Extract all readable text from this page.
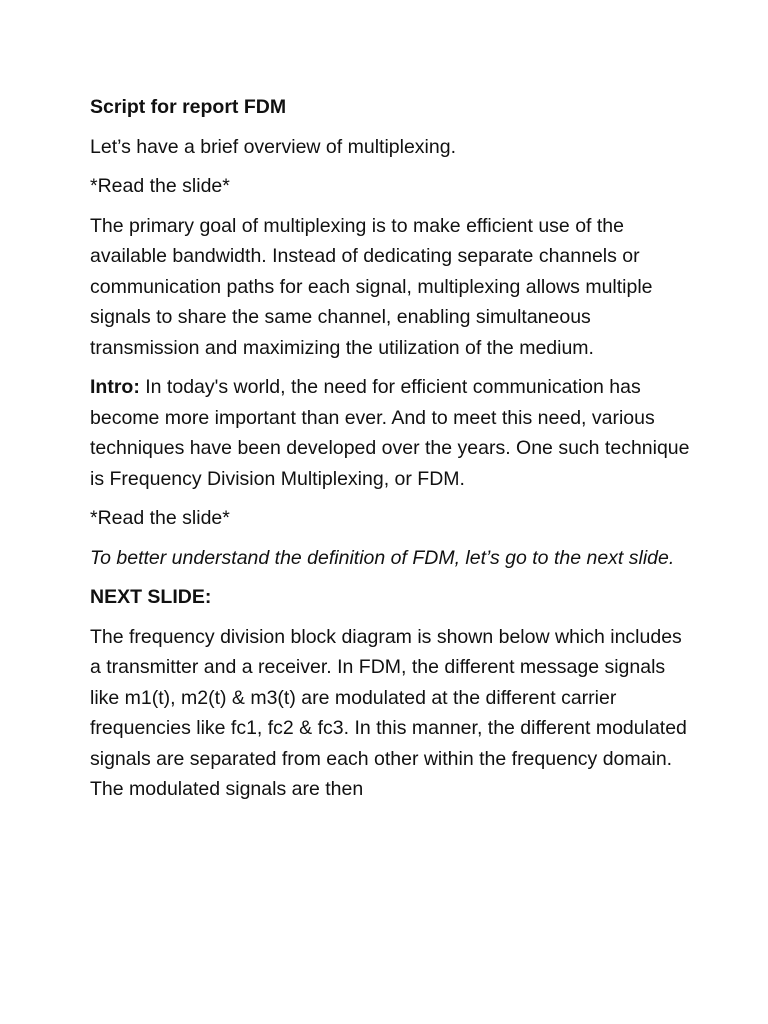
Script for report FDM

Let’s have a brief overview of multiplexing.

*Read the slide*

The primary goal of multiplexing is to make efficient use of the available bandwidth. Instead of dedicating separate channels or communication paths for each signal, multiplexing allows multiple signals to share the same channel, enabling simultaneous transmission and maximizing the utilization of the medium.

Intro: In today's world, the need for efficient communication has become more important than ever. And to meet this need, various techniques have been developed over the years. One such technique is Frequency Division Multiplexing, or FDM.

*Read the slide*

To better understand the definition of FDM, let’s go to the next slide.

NEXT SLIDE:

The frequency division block diagram is shown below which includes a transmitter and a receiver. In FDM, the different message signals like m1(t), m2(t) & m3(t) are modulated at the different carrier frequencies like fc1, fc2 & fc3. In this manner, the different modulated signals are separated from each other within the frequency domain. The modulated signals are then
